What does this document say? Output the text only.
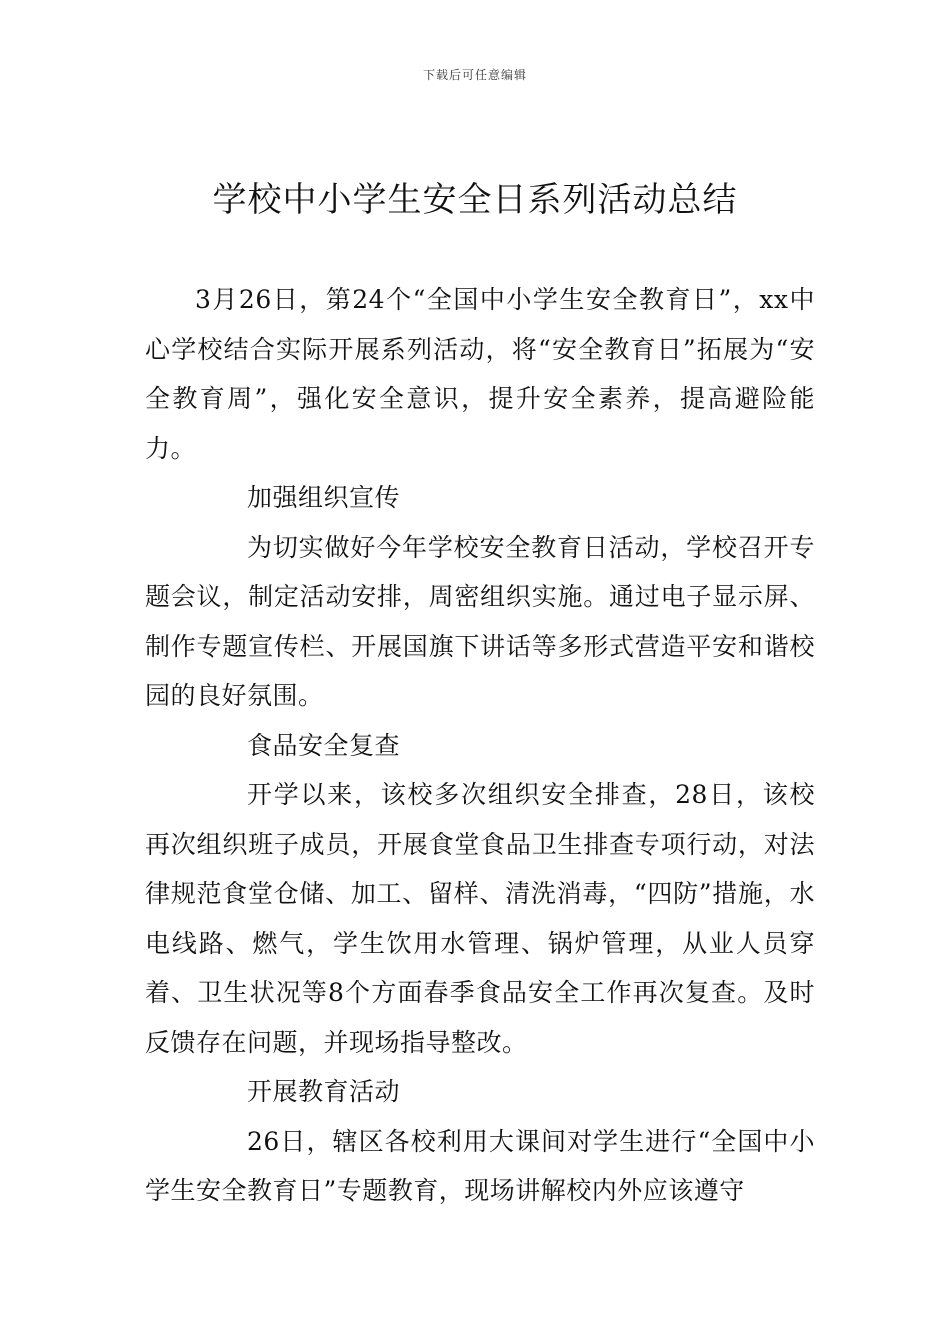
下载后可任意编辑
学校中小学生安全日系列活动总结

3月26日，第24个“全国中小学生安全教育日”，xx中心学校结合实际开展系列活动，将“安全教育日”拓展为“安全教育周”，强化安全意识，提升安全素养，提高避险能力。

加强组织宣传

为切实做好今年学校安全教育日活动，学校召开专题会议，制定活动安排，周密组织实施。通过电子显示屏、制作专题宣传栏、开展国旗下讲话等多形式营造平安和谐校园的良好氛围。

食品安全复查

开学以来，该校多次组织安全排查，28日，该校再次组织班子成员，开展食堂食品卫生排查专项行动，对法律规范食堂仓储、加工、留样、清洗消毒，“四防”措施，水电线路、燃气，学生饮用水管理、锅炉管理，从业人员穿着、卫生状况等8个方面春季食品安全工作再次复查。及时反馈存在问题，并现场指导整改。

开展教育活动

26日，辖区各校利用大课间对学生进行“全国中小学生安全教育日”专题教育，现场讲解校内外应该遵守
